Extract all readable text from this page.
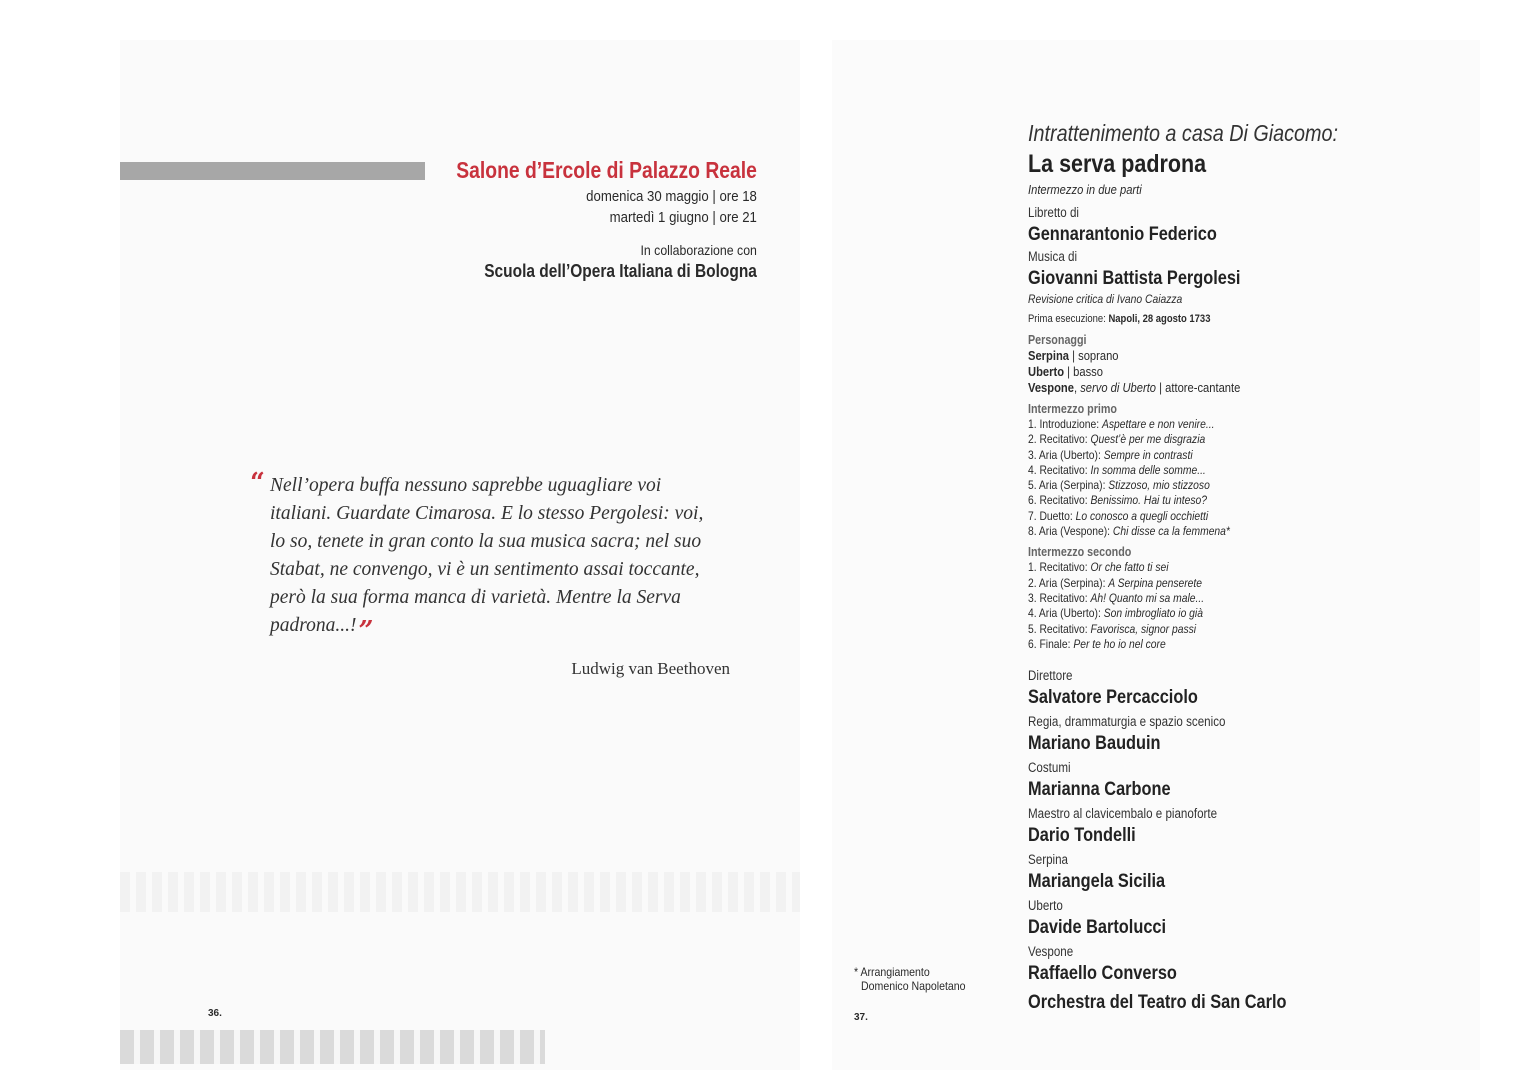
Salone d’Ercole di Palazzo Reale
domenica 30 maggio | ore 18
martedì 1 giugno | ore 21
In collaborazione con
Scuola dell’Opera Italiana di Bologna
“ Nell’opera buffa nessuno saprebbe uguagliare voi italiani. Guardate Cimarosa. E lo stesso Pergolesi: voi, lo so, tenete in gran conto la sua musica sacra; nel suo Stabat, ne convengo, vi è un sentimento assai toccante, però la sua forma manca di varietà. Mentre la Serva padrona...!”

Ludwig van Beethoven
36.
Intrattenimento a casa Di Giacomo:
La serva padrona
Intermezzo in due parti
Libretto di
Gennarantonio Federico
Musica di
Giovanni Battista Pergolesi
Revisione critica di Ivano Caiazza
Prima esecuzione: Napoli, 28 agosto 1733
Personaggi
Serpina | soprano
Uberto | basso
Vespone, servo di Uberto | attore-cantante
Intermezzo primo
1. Introduzione: Aspettare e non venire...
2. Recitativo: Quest’è per me disgrazia
3. Aria (Uberto): Sempre in contrasti
4. Recitativo: In somma delle somme...
5. Aria (Serpina): Stizzoso, mio stizzoso
6. Recitativo: Benissimo. Hai tu inteso?
7. Duetto: Lo conosco a quegli occhietti
8. Aria (Vespone): Chi disse ca la femmena*
Intermezzo secondo
1. Recitativo: Or che fatto ti sei
2. Aria (Serpina): A Serpina penserete
3. Recitativo: Ah! Quanto mi sa male...
4. Aria (Uberto): Son imbrogliato io già
5. Recitativo: Favorisca, signor passi
6. Finale: Per te ho io nel core
Direttore
Salvatore Percacciolo
Regia, drammaturgia e spazio scenico
Mariano Bauduin
Costumi
Marianna Carbone
Maestro al clavicembalo e pianoforte
Dario Tondelli
Serpina
Mariangela Sicilia
Uberto
Davide Bartolucci
Vespone
Raffaello Converso
Orchestra del Teatro di San Carlo
* Arrangiamento
Domenico Napoletano
37.
